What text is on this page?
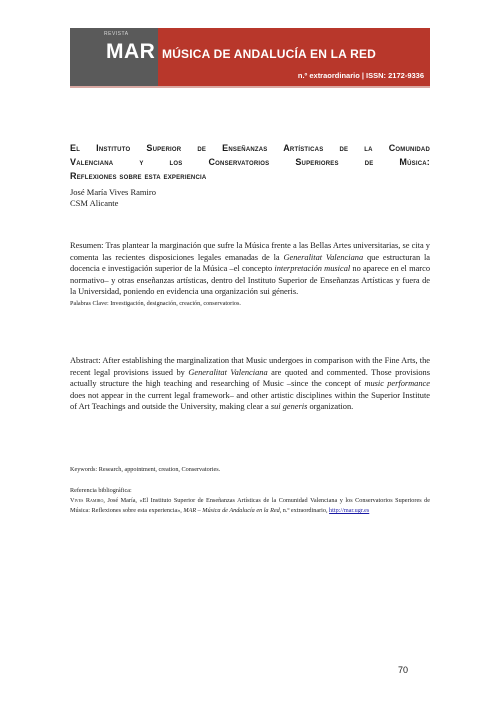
REVISTA
MAR MÚSICA DE ANDALUCÍA EN LA RED
n.º extraordinario | ISSN: 2172-9336
El Instituto Superior de Enseñanzas Artísticas de la Comunidad
Valenciana y los Conservatorios Superiores de Música:
Reflexiones sobre esta experiencia
José María Vives Ramiro
CSM Alicante
Resumen: Tras plantear la marginación que sufre la Música frente a las Bellas Artes universitarias, se cita y comenta las recientes disposiciones legales emanadas de la Generalitat Valenciana que estructuran la docencia e investigación superior de la Música –el concepto interpretación musical no aparece en el marco normativo– y otras enseñanzas artísticas, dentro del Instituto Superior de Enseñanzas Artísticas y fuera de la Universidad, poniendo en evidencia una organización sui géneris.
Palabras Clave: Investigación, designación, creación, conservatorios.
Abstract: After establishing the marginalization that Music undergoes in comparison with the Fine Arts, the recent legal provisions issued by Generalitat Valenciana are quoted and commented. Those provisions actually structure the high teaching and researching of Music –since the concept of music performance does not appear in the current legal framework– and other artistic disciplines within the Superior Institute of Art Teachings and outside the University, making clear a sui generis organization.
Keywords: Research, appointment, creation, Conservatories.
Referencia bibliográfica:
Vives Ramiro, José María, «El Instituto Superior de Enseñanzas Artísticas de la Comunidad Valenciana y los Conservatorios Superiores de Música: Reflexiones sobre esta experiencia», MAR – Música de Andalucía en la Red, n.º extraordinario, http://mar.ugr.es
70
